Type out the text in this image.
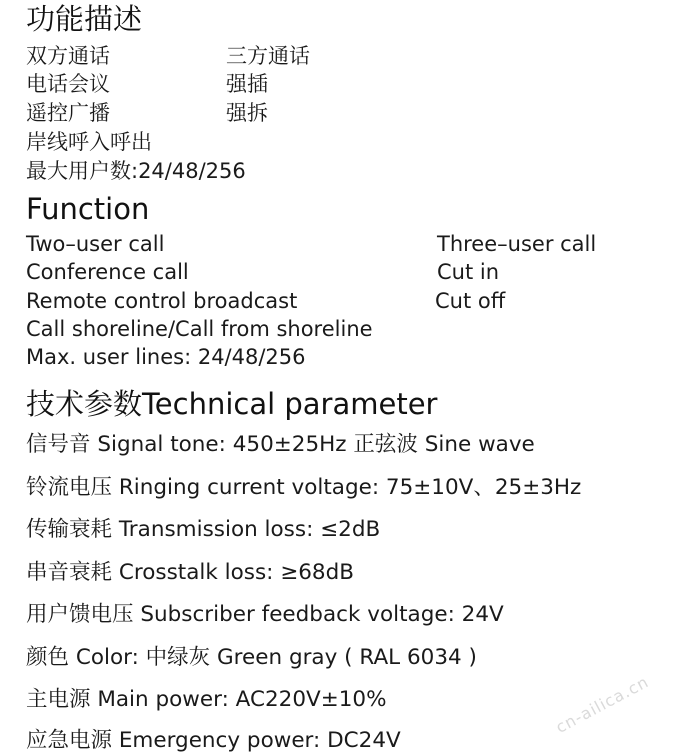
功能描述
双方通话	三方通话
电话会议	强插
遥控广播	强拆
岸线呼入呼出
最大用户数:24/48/256
Function
Two–user call	Three–user call
Conference call	Cut in
Remote control broadcast	Cut off
Call shoreline/Call from shoreline
Max. user lines: 24/48/256
技术参数Technical parameter
信号音 Signal tone: 450±25Hz 正弦波 Sine wave
铃流电压 Ringing current voltage: 75±10V、25±3Hz
传输衰耗 Transmission loss: ≤2dB
串音衰耗 Crosstalk loss: ≥68dB
用户馈电压 Subscriber feedback voltage: 24V
颜色 Color: 中绿灰 Green gray ( RAL 6034 )
主电源 Main power: AC220V±10%
应急电源 Emergency power: DC24V
cn-ailica.cn
